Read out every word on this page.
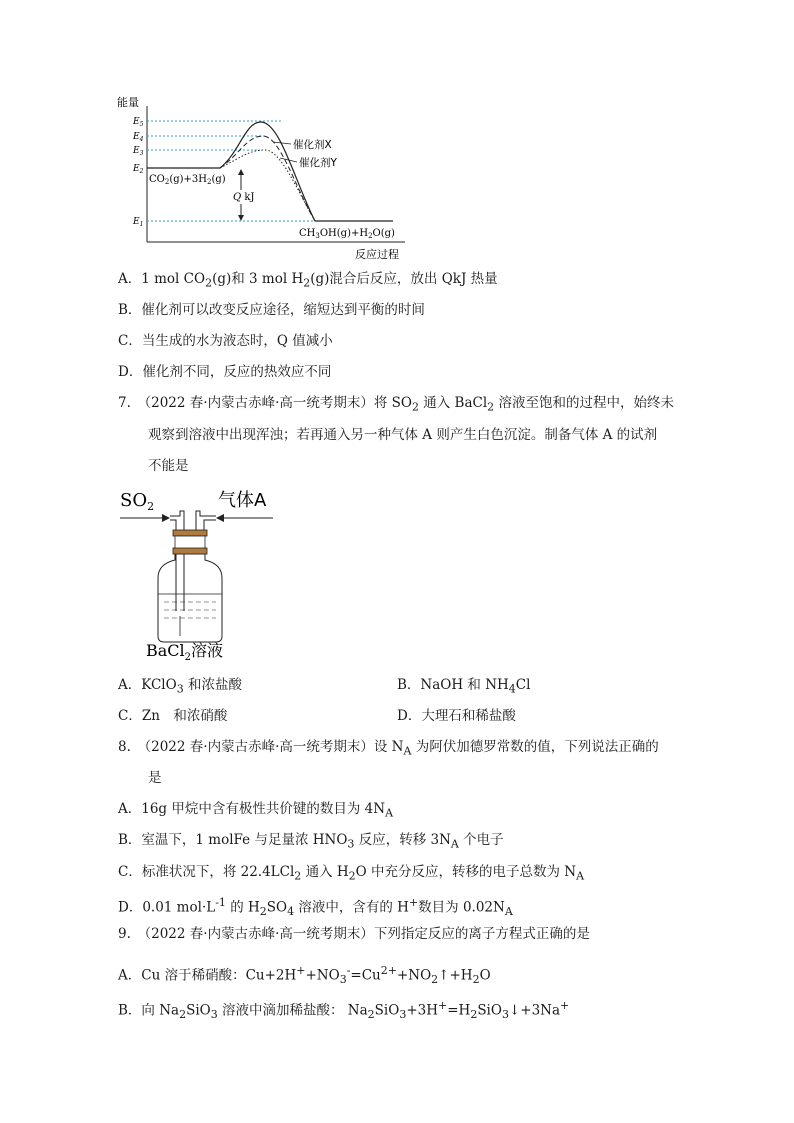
能量
反应过程
$E_5$
$E_4$
$E_3$
$E_2$
$E_1$
催化剂X
催化剂Y
$CO_2(g)+3H_2(g)$
Q kJ
$CH_3OH(g)+H_2O(g)$
A．1 mol $CO_2(g)$和 3 mol $H_2(g)$混合后反应，放出 QkJ 热量
B．催化剂可以改变反应途径，缩短达到平衡的时间
C．当生成的水为液态时，Q 值减小
D．催化剂不同，反应的热效应不同
7.　（2022 春·内蒙古赤峰·高一统考期末）将 $SO_2$ 通入 BaCl$_2$ 溶液至饱和的过程中，始终未
观察到溶液中出现浑浊；若再通入另一种气体 A 则产生白色沉淀。制备气体 A 的试剂
不能是
$SO_2$	气体A
BaCl$_2$溶液
A．KClO$_3$ 和浓盐酸	B．NaOH 和 $NH_4Cl$
C．Zn　和浓硝酸	D．大理石和稀盐酸
8.　（2022 春·内蒙古赤峰·高一统考期末）设 $N_A$ 为阿伏加德罗常数的值，下列说法正确的
是
A．16g 甲烷中含有极性共价键的数目为 $4N_A$
B．室温下，1 molFe 与足量浓 $HNO_3$ 反应，转移 $3N_A$ 个电子
C．标准状况下，将 22.4LCl$_2$ 通入 $H_2O$ 中充分反应，转移的电子总数为 $N_A$
D．0.01 $mol\cdot L^{-1}$ 的 $H_2SO_4$ 溶液中，含有的 H+数目为 $0.02N_A$
9.　（2022 春·内蒙古赤峰·高一统考期末）下列指定反应的离子方程式正确的是
A．Cu 溶于稀硝酸：$Cu+2H^++NO_3^-=Cu^{2+}+NO_2↑+H_2O$
B．向 $Na_2SiO_3$ 溶液中滴加稀盐酸： $Na_2SiO_3+3H^+=H_2SiO_3↓+3Na^+$
